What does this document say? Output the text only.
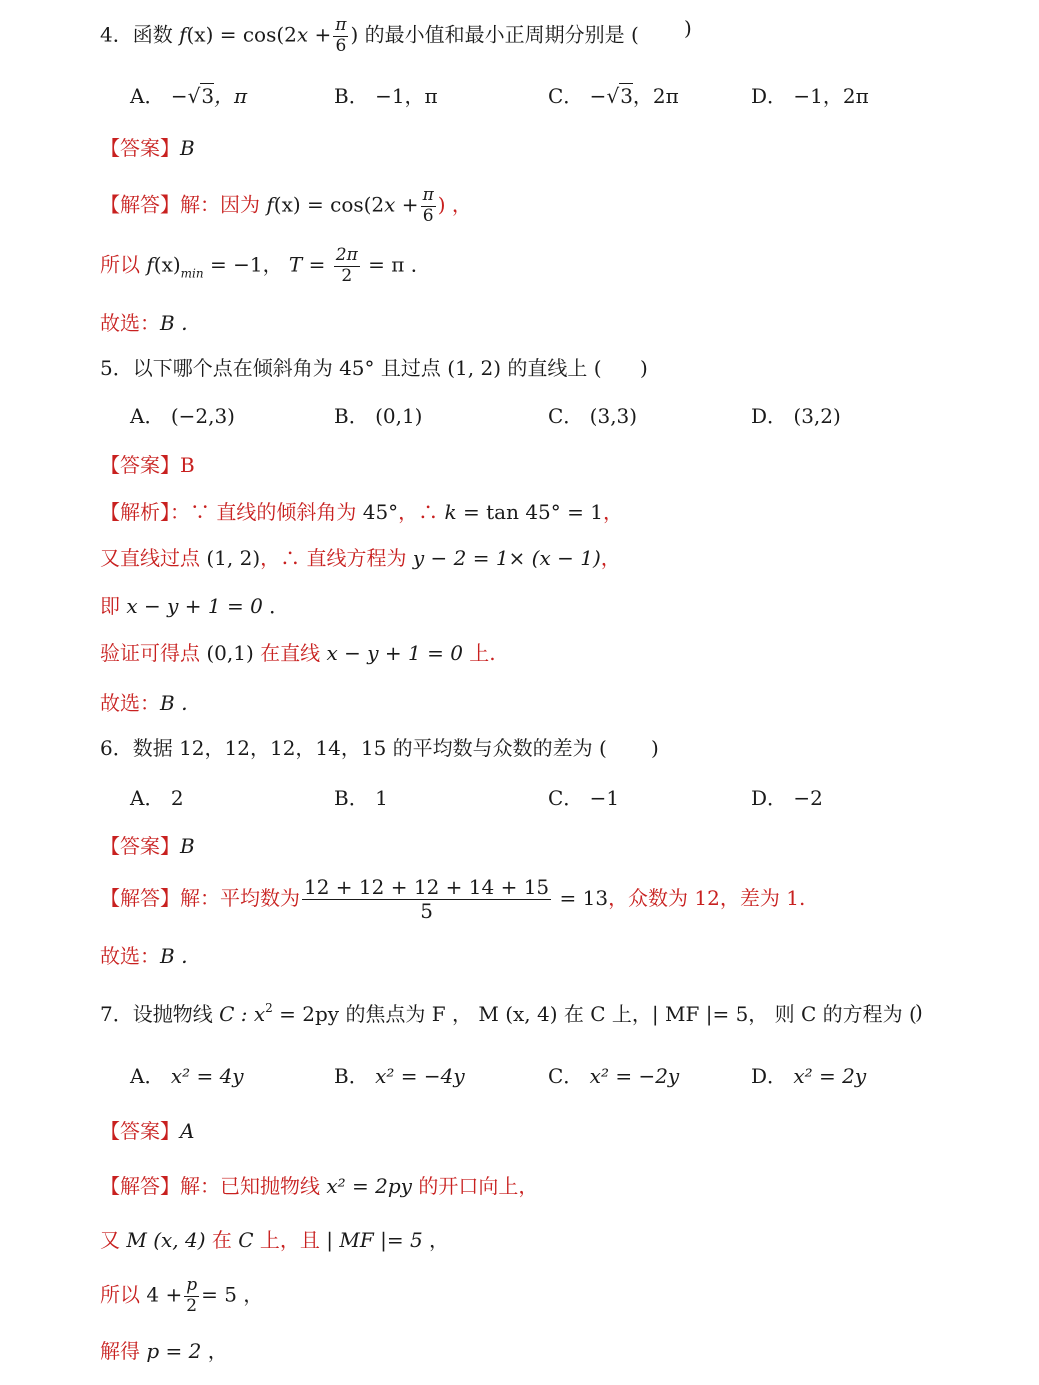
4．函数 $f(x) = \cos(2x + \frac{\pi}{6}$ ) 的最小值和最小正周期分别是 ( )
A． −√3，π	B． −1，π	C． −√3，2π	D． −1，2π
【答案】B
【解答】解：因为 $f(x) = \cos(2x + \frac{\pi}{6}$ ) ，
所以 $f(x)_{min} = -1$， $T = \frac{2\pi}{2} = \pi$ ．
故选：B ．
5．以下哪个点在倾斜角为 45° 且过点 (1, 2) 的直线上 ( )
A． (−2,3)	B． (0,1)	C． (3,3)	D． (3,2)
【答案】B
【解析】：∵ 直线的倾斜角为 45°，∴ k = tan 45° = 1，
又直线过点 (1, 2)，∴ 直线方程为 y − 2 = 1× (x − 1)，
即 x − y + 1 = 0 ．
验证可得点 (0,1) 在直线 x − y + 1 = 0 上.
故选：B ．
6．数据 12，12，12，14，15 的平均数与众数的差为 ( )
A． 2	B． 1	C． −1	D． −2
【答案】B
【解答】解：平均数为 $\frac{12 + 12 + 12 + 14 + 15}{5} = 13$，众数为 12，差为 1.
故选：B ．
7．设抛物线 C : $x^2 = 2py$ 的焦点为 F ， M (x, 4) 在 C 上，| MF |= 5， 则 C 的方程为 (
)
A． x² = 4y	B． x² = −4y	C． x² = −2y	D． x² = 2y
【答案】A
【解答】解：已知抛物线 x² = 2py 的开口向上，
又 M (x, 4) 在 C 上，且 | MF |= 5 ，
所以 $4 + \frac{p}{2} = 5$ ，
解得 p = 2 ，
